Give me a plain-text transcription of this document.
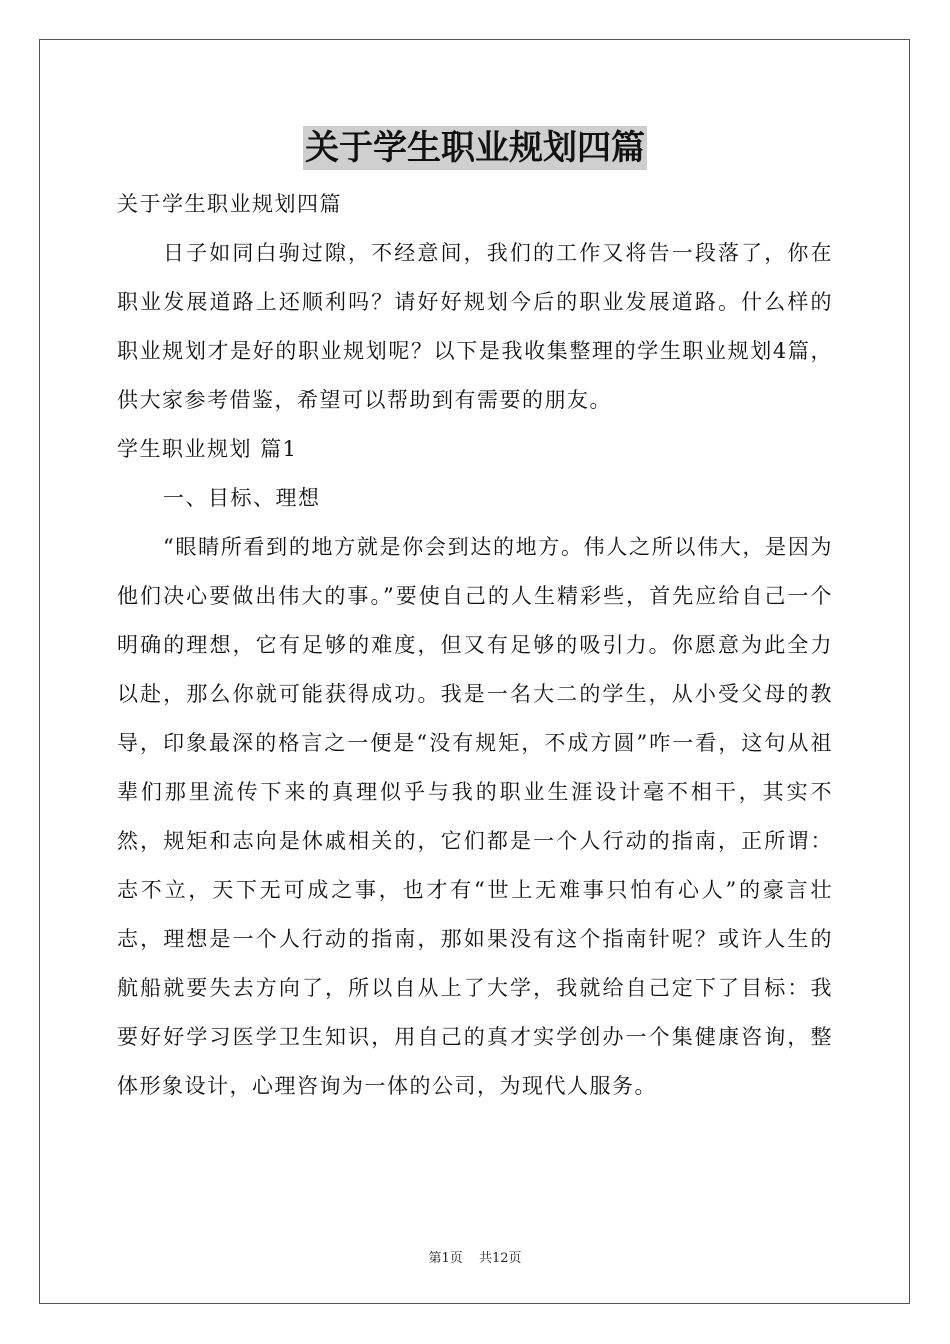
关于学生职业规划四篇

关于学生职业规划四篇

日子如同白驹过隙，不经意间，我们的工作又将告一段落了，你在职业发展道路上还顺利吗？请好好规划今后的职业发展道路。什么样的职业规划才是好的职业规划呢？以下是我收集整理的学生职业规划4篇，供大家参考借鉴，希望可以帮助到有需要的朋友。

学生职业规划 篇1

一、目标、理想

“眼睛所看到的地方就是你会到达的地方。伟人之所以伟大，是因为他们决心要做出伟大的事。”要使自己的人生精彩些，首先应给自己一个明确的理想，它有足够的难度，但又有足够的吸引力。你愿意为此全力以赴，那么你就可能获得成功。我是一名大二的学生，从小受父母的教导，印象最深的格言之一便是“没有规矩，不成方圆”咋一看，这句从祖辈们那里流传下来的真理似乎与我的职业生涯设计毫不相干，其实不然，规矩和志向是休戚相关的，它们都是一个人行动的指南，正所谓：志不立，天下无可成之事，也才有“世上无难事只怕有心人”的豪言壮志，理想是一个人行动的指南，那如果没有这个指南针呢？或许人生的航船就要失去方向了，所以自从上了大学，我就给自己定下了目标：我要好好学习医学卫生知识，用自己的真才实学创办一个集健康咨询，整体形象设计，心理咨询为一体的公司，为现代人服务。

第1页 共12页
